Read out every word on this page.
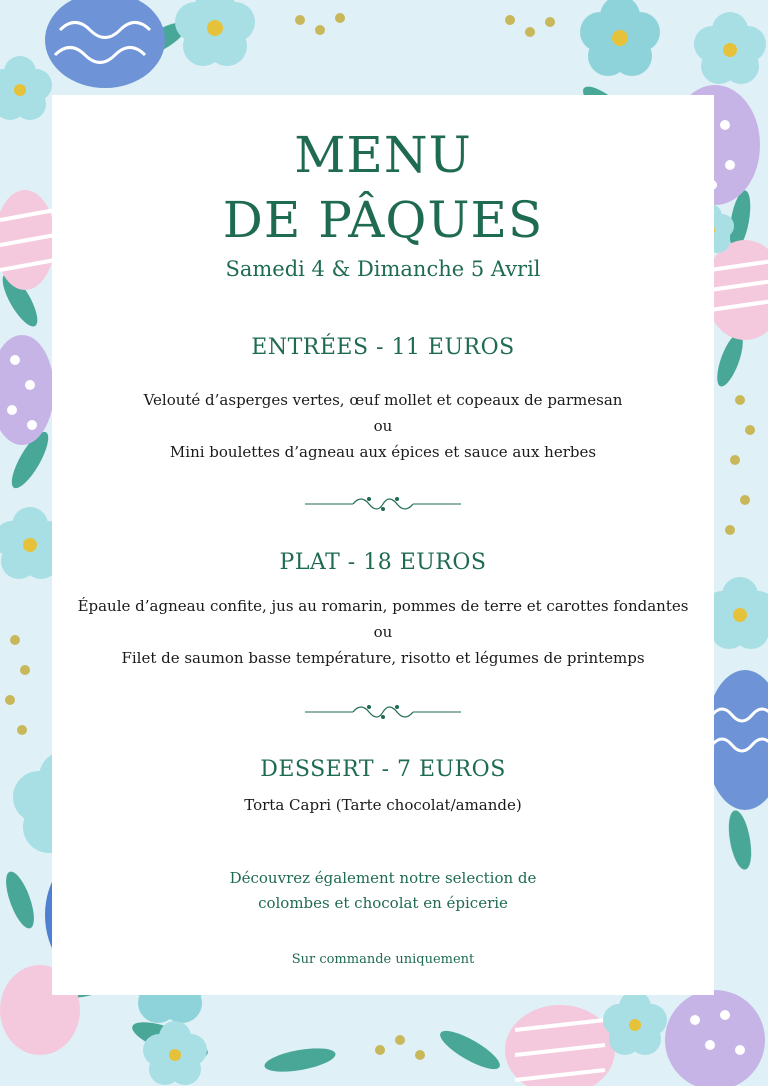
MENU
DE PÂQUES
Samedi 4 & Dimanche 5 Avril
ENTRÉES - 11 EUROS
Velouté d’asperges vertes, œuf mollet et copeaux de parmesan
ou
Mini boulettes d’agneau aux épices et sauce aux herbes
PLAT - 18 EUROS
Épaule d’agneau confite, jus au romarin, pommes de terre et carottes fondantes
ou
Filet de saumon basse température, risotto et légumes de printemps
DESSERT - 7 EUROS
Torta Capri (Tarte chocolat/amande)
Découvrez également notre selection de
colombes et chocolat en épicerie
Sur commande uniquement
